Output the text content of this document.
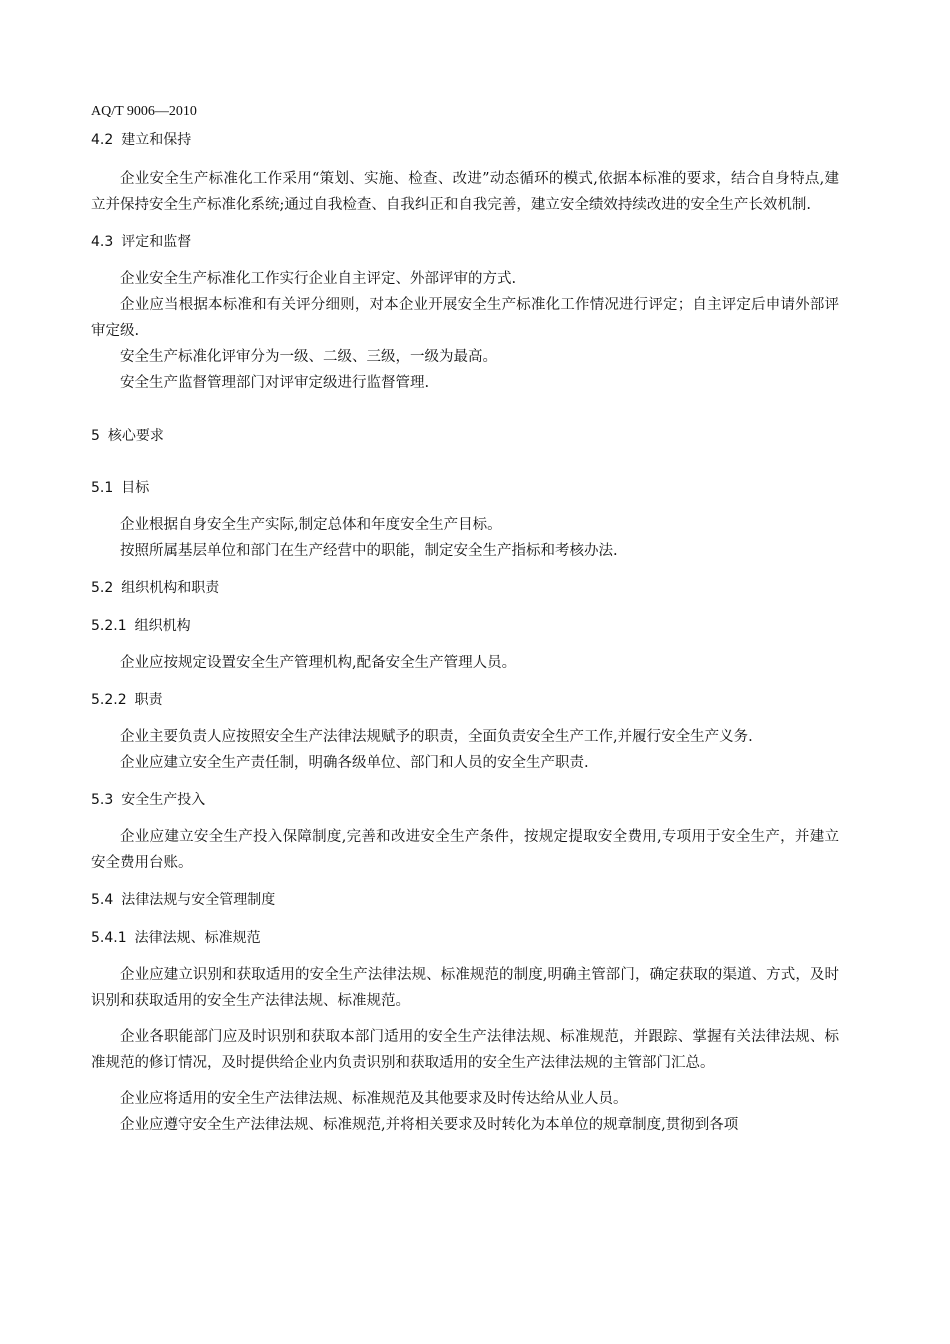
AQ/T 9006—2010

4.2 建立和保持

企业安全生产标准化工作采用“策划、实施、检查、改进”动态循环的模式,依据本标准的要求，结合自身特点,建立并保持安全生产标准化系统;通过自我检查、自我纠正和自我完善，建立安全绩效持续改进的安全生产长效机制.

4.3 评定和监督

企业安全生产标准化工作实行企业自主评定、外部评审的方式.

企业应当根据本标准和有关评分细则，对本企业开展安全生产标准化工作情况进行评定；自主评定后申请外部评审定级.

安全生产标准化评审分为一级、二级、三级，一级为最高。

安全生产监督管理部门对评审定级进行监督管理.

5 核心要求

5.1 目标

企业根据自身安全生产实际,制定总体和年度安全生产目标。

按照所属基层单位和部门在生产经营中的职能，制定安全生产指标和考核办法.

5.2 组织机构和职责

5.2.1 组织机构

企业应按规定设置安全生产管理机构,配备安全生产管理人员。

5.2.2 职责

企业主要负责人应按照安全生产法律法规赋予的职责，全面负责安全生产工作,并履行安全生产义务.

企业应建立安全生产责任制，明确各级单位、部门和人员的安全生产职责.

5.3 安全生产投入

企业应建立安全生产投入保障制度,完善和改进安全生产条件，按规定提取安全费用,专项用于安全生产，并建立安全费用台账。

5.4 法律法规与安全管理制度

5.4.1 法律法规、标准规范

企业应建立识别和获取适用的安全生产法律法规、标准规范的制度,明确主管部门，确定获取的渠道、方式，及时识别和获取适用的安全生产法律法规、标准规范。

企业各职能部门应及时识别和获取本部门适用的安全生产法律法规、标准规范，并跟踪、掌握有关法律法规、标准规范的修订情况，及时提供给企业内负责识别和获取适用的安全生产法律法规的主管部门汇总。

企业应将适用的安全生产法律法规、标准规范及其他要求及时传达给从业人员。

企业应遵守安全生产法律法规、标准规范,并将相关要求及时转化为本单位的规章制度,贯彻到各项
